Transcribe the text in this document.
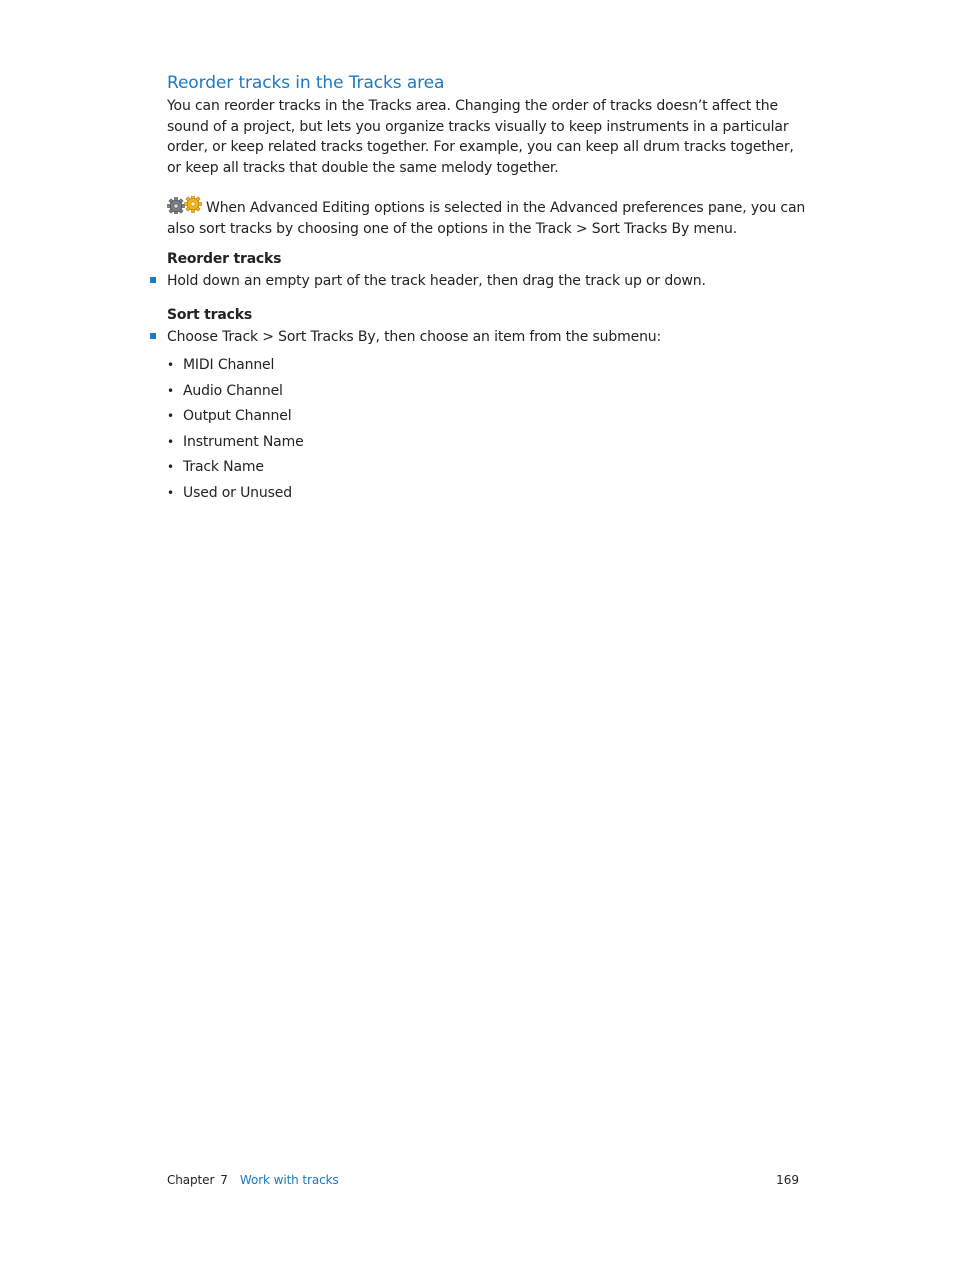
Reorder tracks in the Tracks area

You can reorder tracks in the Tracks area. Changing the order of tracks doesn’t affect the sound of a project, but lets you organize tracks visually to keep instruments in a particular order, or keep related tracks together. For example, you can keep all drum tracks together, or keep all tracks that double the same melody together.

When Advanced Editing options is selected in the Advanced preferences pane, you can also sort tracks by choosing one of the options in the Track > Sort Tracks By menu.

Reorder tracks
Hold down an empty part of the track header, then drag the track up or down.
Sort tracks
Choose Track > Sort Tracks By, then choose an item from the submenu:
• MIDI Channel
• Audio Channel
• Output Channel
• Instrument Name
• Track Name
• Used or Unused
Chapter 7 Work with tracks	169
